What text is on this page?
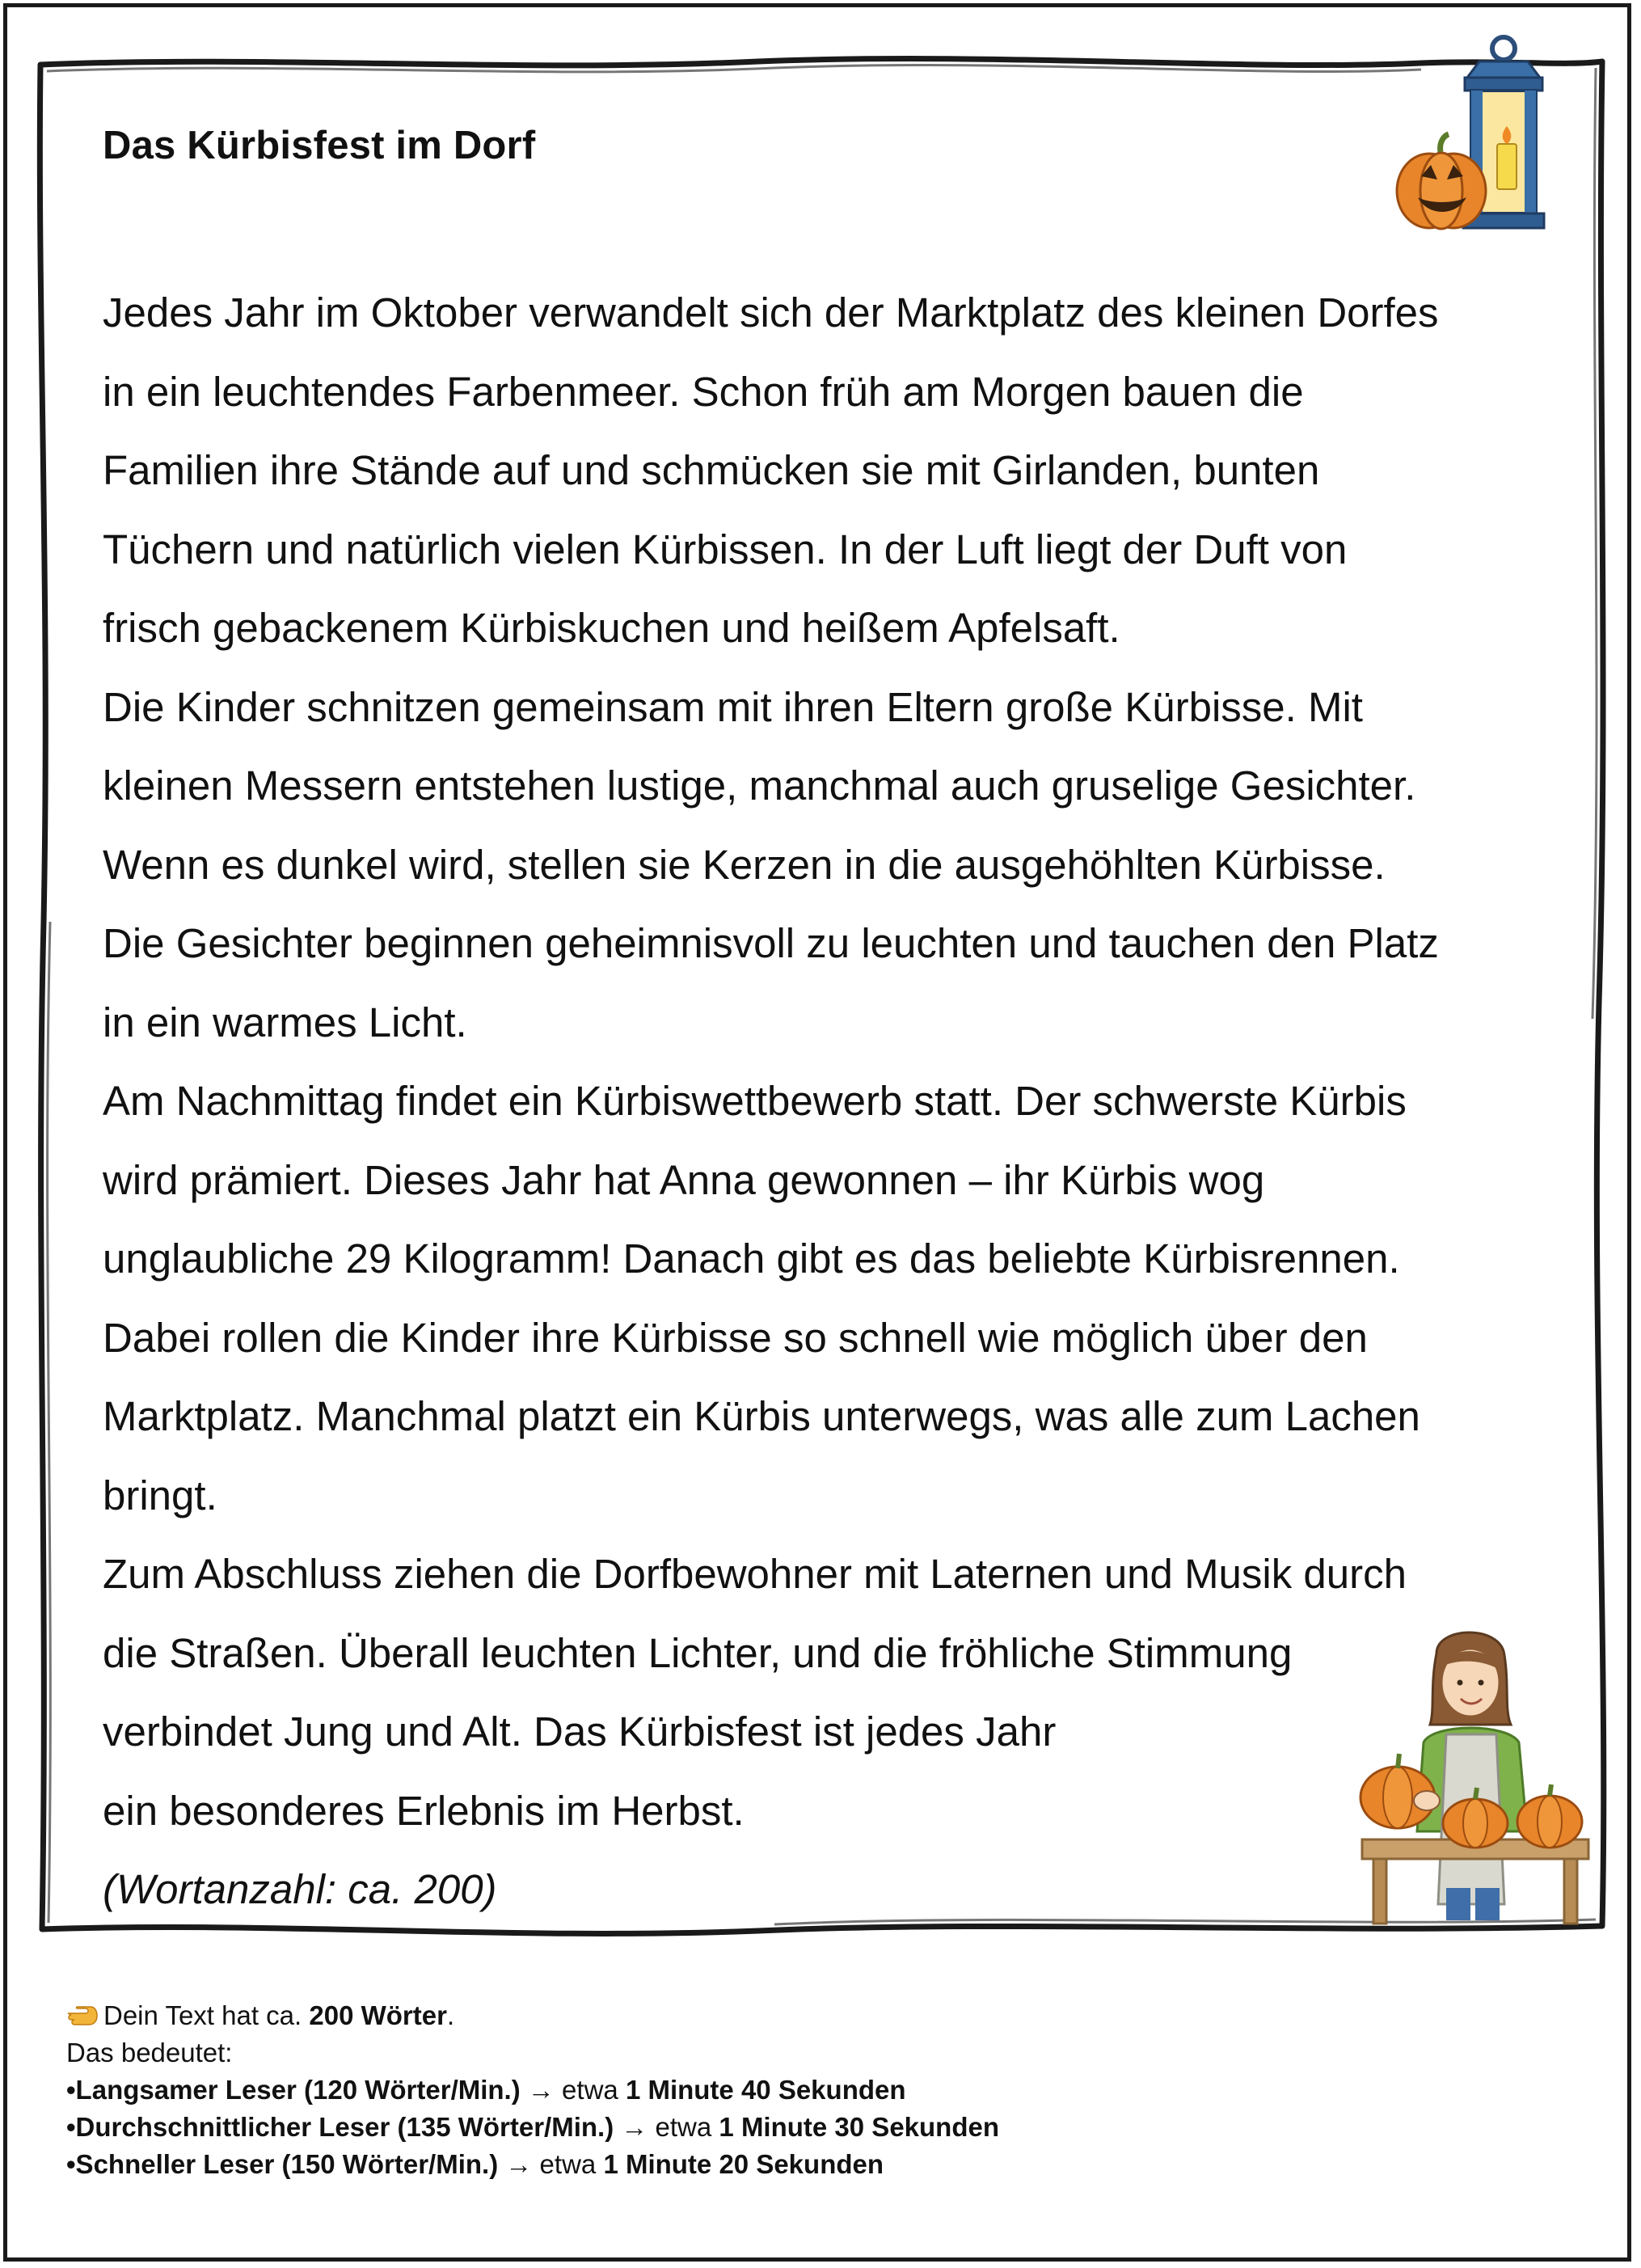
Das Kürbisfest im Dorf
Jedes Jahr im Oktober verwandelt sich der Marktplatz des kleinen Dorfes
in ein leuchtendes Farbenmeer. Schon früh am Morgen bauen die
Familien ihre Stände auf und schmücken sie mit Girlanden, bunten
Tüchern und natürlich vielen Kürbissen. In der Luft liegt der Duft von
frisch gebackenem Kürbiskuchen und heißem Apfelsaft.
Die Kinder schnitzen gemeinsam mit ihren Eltern große Kürbisse. Mit
kleinen Messern entstehen lustige, manchmal auch gruselige Gesichter.
Wenn es dunkel wird, stellen sie Kerzen in die ausgehöhlten Kürbisse.
Die Gesichter beginnen geheimnisvoll zu leuchten und tauchen den Platz
in ein warmes Licht.
Am Nachmittag findet ein Kürbiswettbewerb statt. Der schwerste Kürbis
wird prämiert. Dieses Jahr hat Anna gewonnen – ihr Kürbis wog
unglaubliche 29 Kilogramm! Danach gibt es das beliebte Kürbisrennen.
Dabei rollen die Kinder ihre Kürbisse so schnell wie möglich über den
Marktplatz. Manchmal platzt ein Kürbis unterwegs, was alle zum Lachen
bringt.
Zum Abschluss ziehen die Dorfbewohner mit Laternen und Musik durch
die Straßen. Überall leuchten Lichter, und die fröhliche Stimmung
verbindet Jung und Alt. Das Kürbisfest ist jedes Jahr
ein besonderes Erlebnis im Herbst.
(Wortanzahl: ca. 200)
Dein Text hat ca. 200 Wörter.
Das bedeutet:
•Langsamer Leser (120 Wörter/Min.) → etwa 1 Minute 40 Sekunden
•Durchschnittlicher Leser (135 Wörter/Min.) → etwa 1 Minute 30 Sekunden
•Schneller Leser (150 Wörter/Min.) → etwa 1 Minute 20 Sekunden
